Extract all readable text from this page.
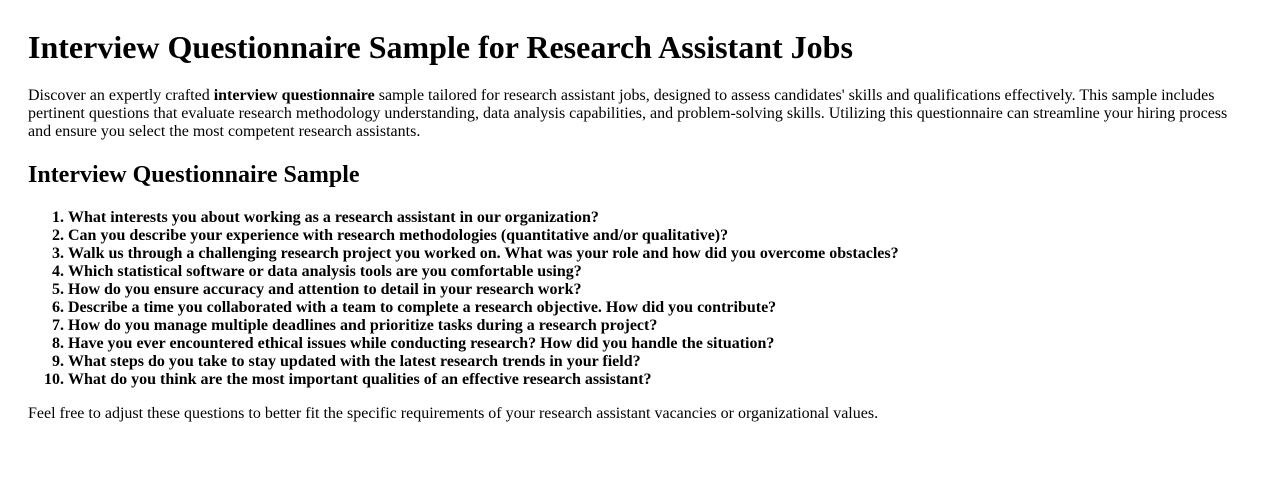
Interview Questionnaire Sample for Research Assistant Jobs

Discover an expertly crafted interview questionnaire sample tailored for research assistant jobs, designed to assess candidates' skills and qualifications effectively. This sample includes pertinent questions that evaluate research methodology understanding, data analysis capabilities, and problem-solving skills. Utilizing this questionnaire can streamline your hiring process and ensure you select the most competent research assistants.

Interview Questionnaire Sample
1. What interests you about working as a research assistant in our organization?
2. Can you describe your experience with research methodologies (quantitative and/or qualitative)?
3. Walk us through a challenging research project you worked on. What was your role and how did you overcome obstacles?
4. Which statistical software or data analysis tools are you comfortable using?
5. How do you ensure accuracy and attention to detail in your research work?
6. Describe a time you collaborated with a team to complete a research objective. How did you contribute?
7. How do you manage multiple deadlines and prioritize tasks during a research project?
8. Have you ever encountered ethical issues while conducting research? How did you handle the situation?
9. What steps do you take to stay updated with the latest research trends in your field?
10. What do you think are the most important qualities of an effective research assistant?

Feel free to adjust these questions to better fit the specific requirements of your research assistant vacancies or organizational values.
